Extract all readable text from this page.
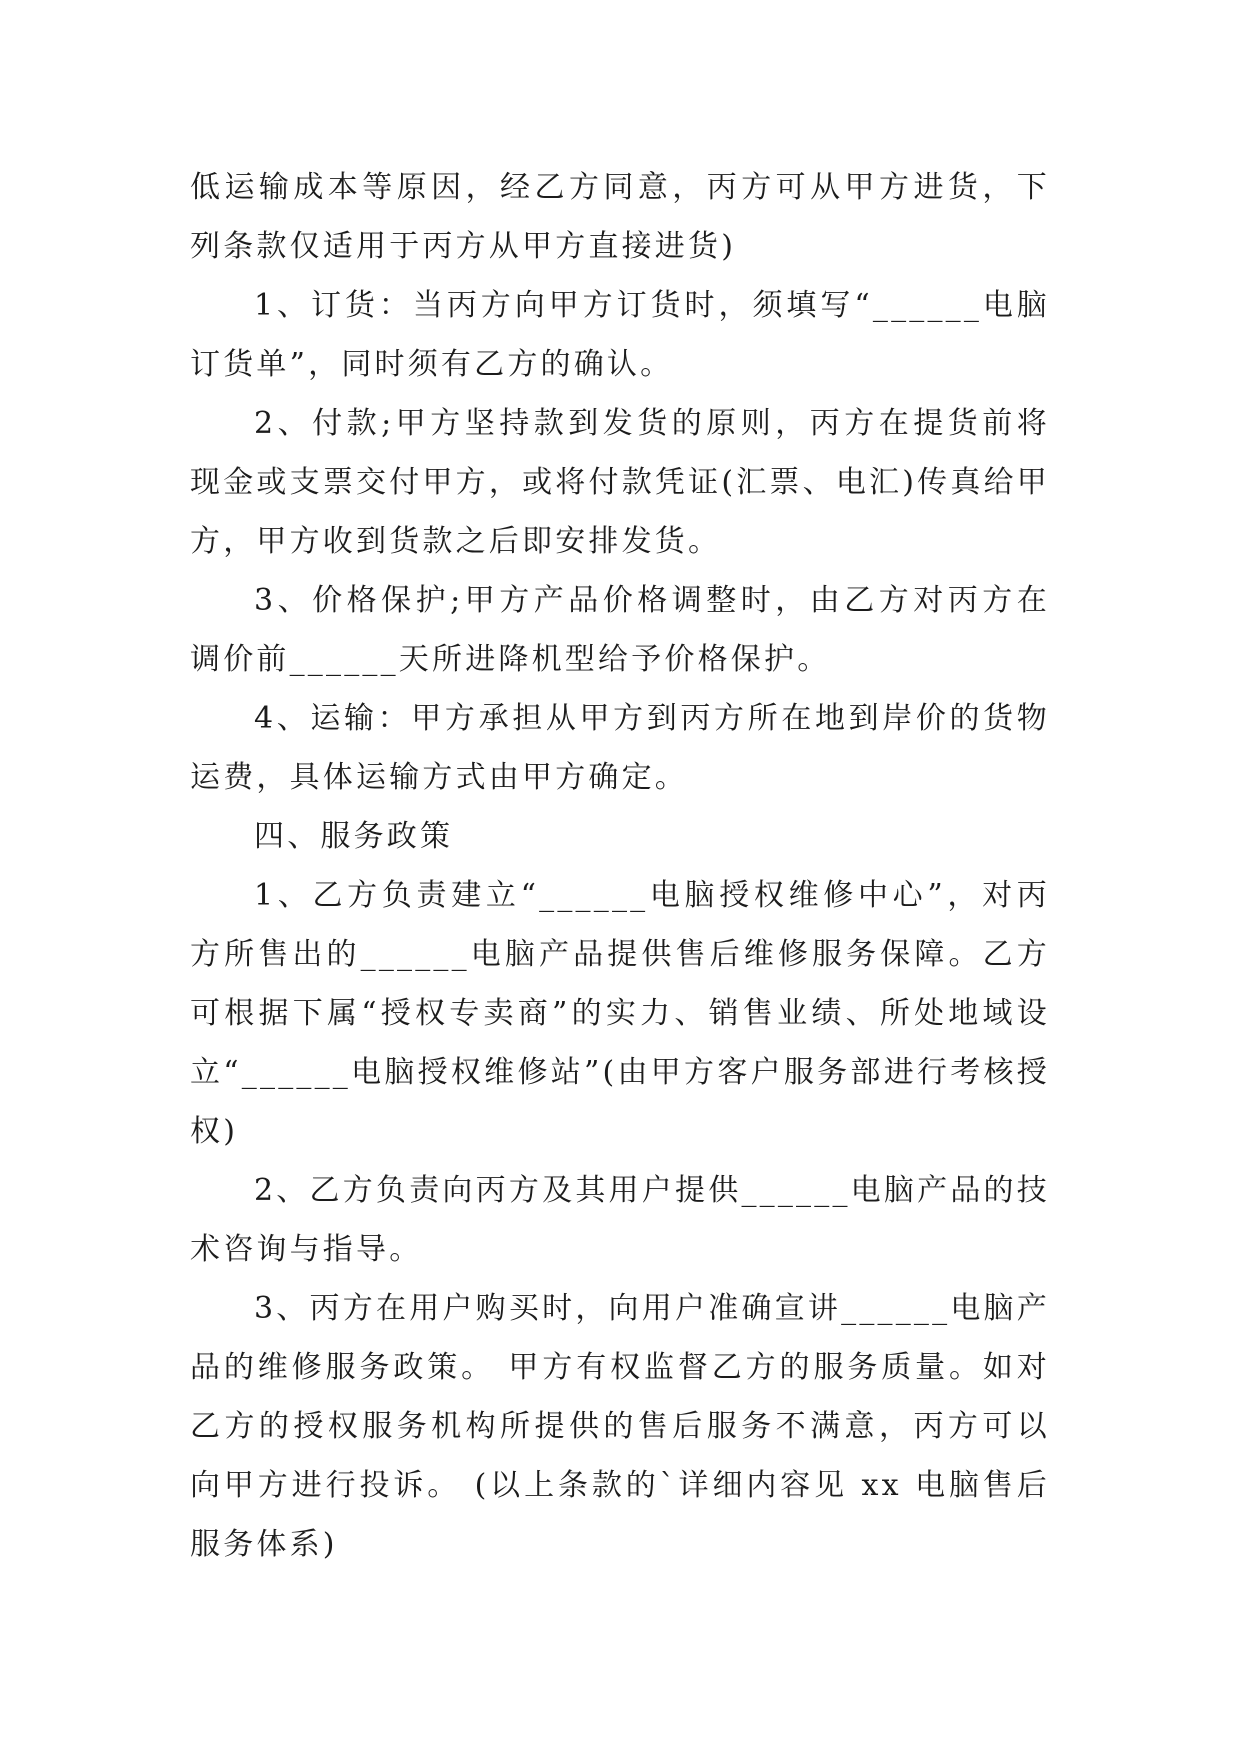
低运输成本等原因，经乙方同意，丙方可从甲方进货，下列条款仅适用于丙方从甲方直接进货)

1、订货：当丙方向甲方订货时，须填写“______电脑订货单”，同时须有乙方的确认。

2、付款;甲方坚持款到发货的原则，丙方在提货前将现金或支票交付甲方，或将付款凭证(汇票、电汇)传真给甲方，甲方收到货款之后即安排发货。

3、价格保护;甲方产品价格调整时，由乙方对丙方在调价前______天所进降机型给予价格保护。

4、运输：甲方承担从甲方到丙方所在地到岸价的货物运费，具体运输方式由甲方确定。

四、服务政策

1、乙方负责建立“______电脑授权维修中心”，对丙方所售出的______电脑产品提供售后维修服务保障。乙方可根据下属“授权专卖商”的实力、销售业绩、所处地域设立“______电脑授权维修站”(由甲方客户服务部进行考核授权)

2、乙方负责向丙方及其用户提供______电脑产品的技术咨询与指导。

3、丙方在用户购买时，向用户准确宣讲______电脑产品的维修服务政策。 甲方有权监督乙方的服务质量。如对乙方的授权服务机构所提供的售后服务不满意，丙方可以向甲方进行投诉。 (以上条款的`详细内容见 xx 电脑售后服务体系)
